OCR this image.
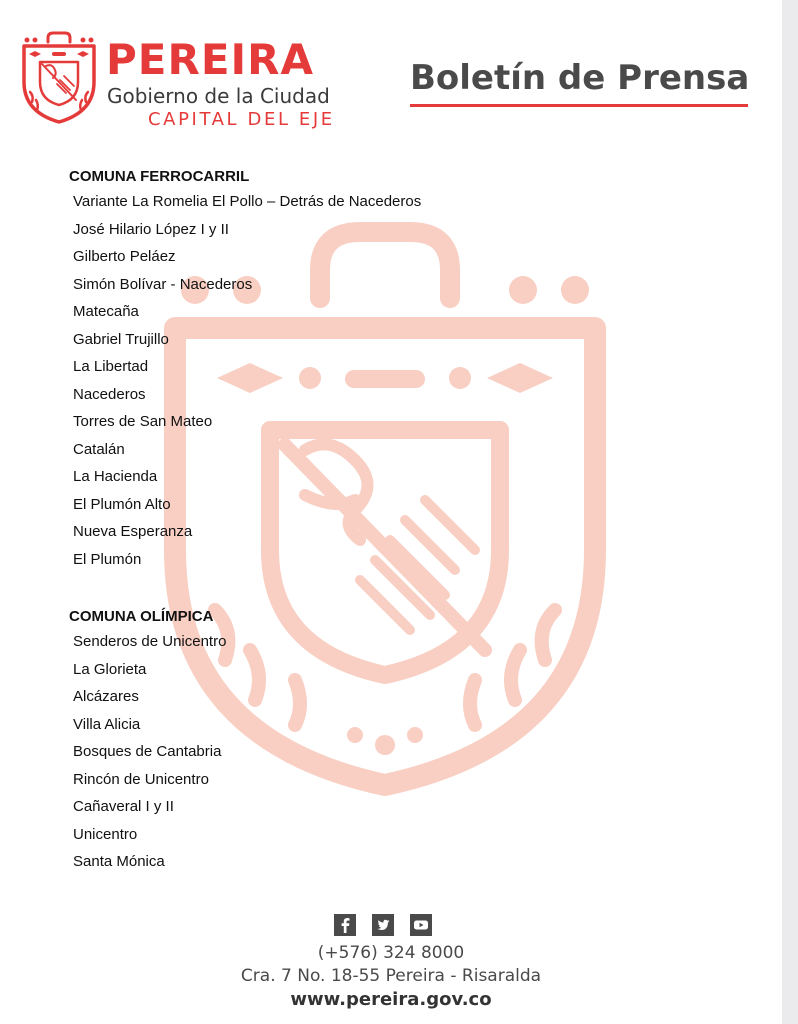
PEREIRA

Gobierno de la Ciudad

CAPITAL DEL EJE

Boletín de Prensa
COMUNA FERROCARRIL
Variante La Romelia El Pollo – Detrás de Nacederos
José Hilario López I y II
Gilberto Peláez
Simón Bolívar - Nacederos
Matecaña
Gabriel Trujillo
La Libertad
Nacederos
Torres de San Mateo
Catalán
La Hacienda
El Plumón Alto
Nueva Esperanza
El Plumón
COMUNA OLÍMPICA
Senderos de Unicentro
La Glorieta
Alcázares
Villa Alicia
Bosques de Cantabria
Rincón de Unicentro
Cañaveral I y II
Unicentro
Santa Mónica

(+576) 324 8000

Cra. 7 No. 18-55 Pereira - Risaralda

www.pereira.gov.co
